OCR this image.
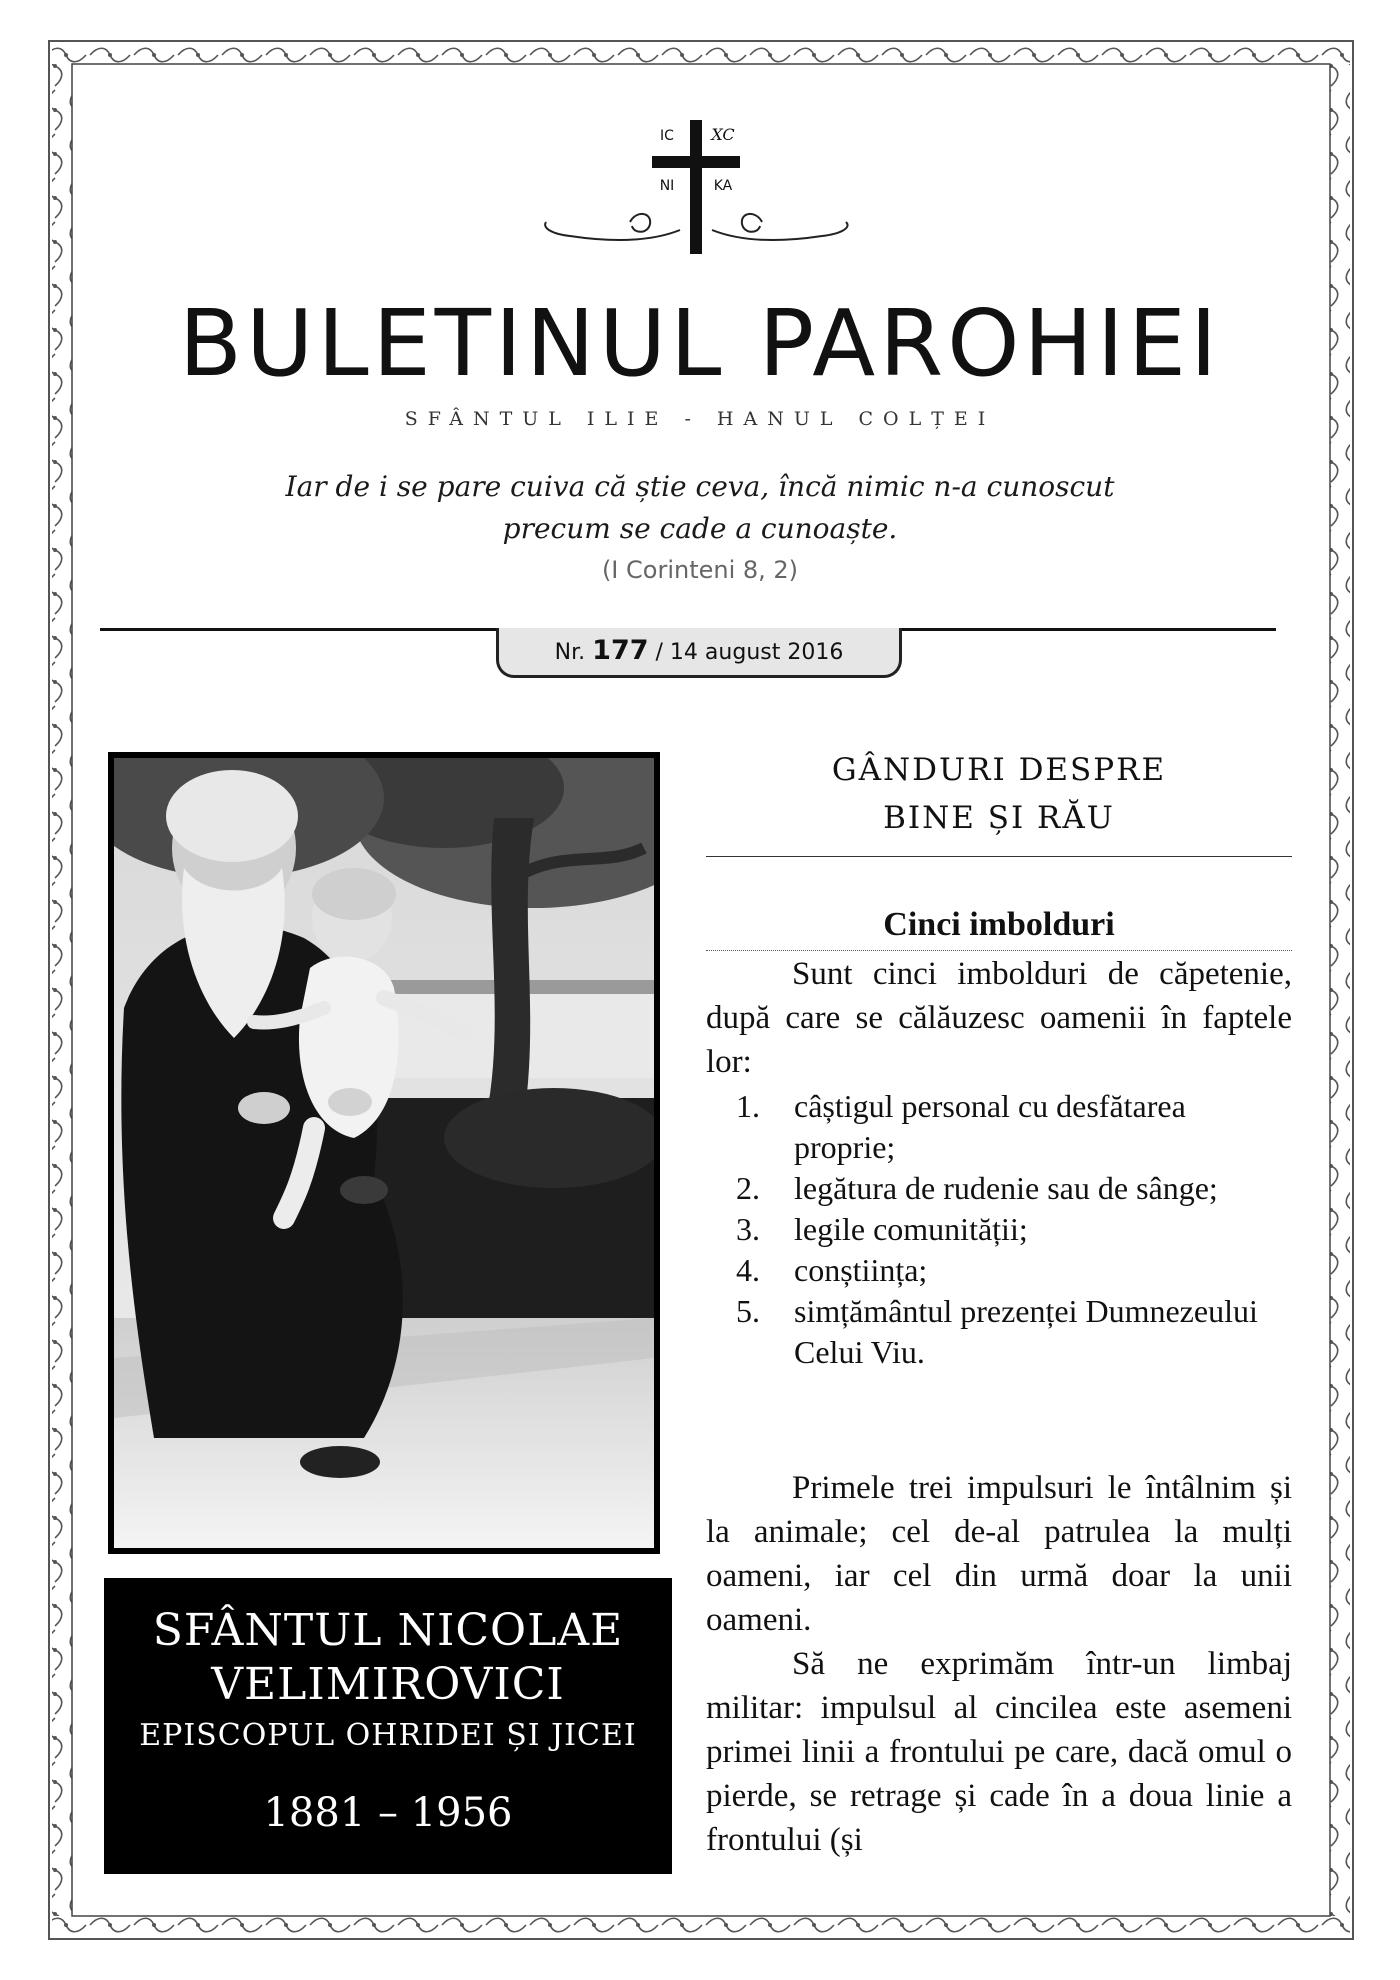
IC XC
NI	KA
BULETINUL PAROHIEI
SFÂNTUL ILIE - HANUL COLȚEI
Iar de i se pare cuiva că știe ceva, încă nimic n-a cunoscut
precum se cade a cunoaște.
(I Corinteni 8, 2)
Nr. 177 / 14 august 2016
SFÂNTUL NICOLAE
VELIMIROVICI
EPISCOPUL OHRIDEI ȘI JICEI
1881 – 1956
GÂNDURI DESPRE
BINE ȘI RĂU
Cinci imbolduri

Sunt cinci imbolduri de căpetenie, după care se călăuzesc oamenii în faptele lor:

1. câștigul personal cu desfătarea proprie;
2. legătura de rudenie sau de sânge;
3. legile comunității;
4. conștiința;
5. simțământul prezenței Dumnezeului Celui Viu.

Primele trei impulsuri le întâlnim și la animale; cel de-al patrulea la mulți oameni, iar cel din urmă doar la unii oameni.

Să ne exprimăm într-un limbaj militar: impulsul al cincilea este asemeni primei linii a frontului pe care, dacă omul o pierde, se retrage și cade în a doua linie a frontului (și
